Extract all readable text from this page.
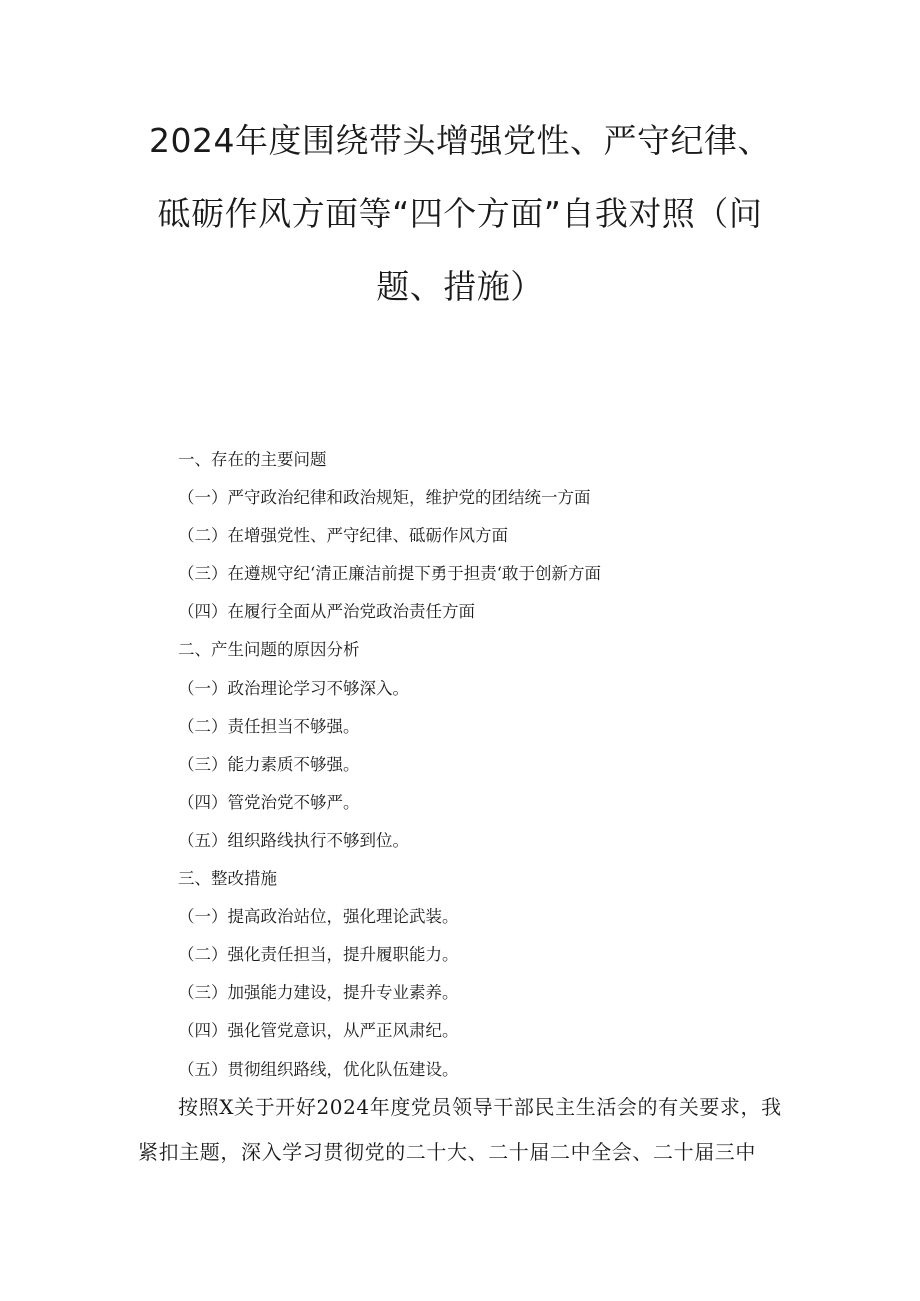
2024年度围绕带头增强党性、严守纪律、
砥砺作风方面等“四个方面”自我对照（问
题、措施）
一、存在的主要问题
（一）严守政治纪律和政治规矩，维护党的团结统一方面
（二）在增强党性、严守纪律、砥砺作风方面
（三）在遵规守纪‘清正廉洁前提下勇于担责‘敢于创新方面
（四）在履行全面从严治党政治责任方面
二、产生问题的原因分析
（一）政治理论学习不够深入。
（二）责任担当不够强。
（三）能力素质不够强。
（四）管党治党不够严。
（五）组织路线执行不够到位。
三、整改措施
（一）提高政治站位，强化理论武装。
（二）强化责任担当，提升履职能力。
（三）加强能力建设，提升专业素养。
（四）强化管党意识，从严正风肃纪。
（五）贯彻组织路线，优化队伍建设。
按照X关于开好2024年度党员领导干部民主生活会的有关要求，我
紧扣主题，深入学习贯彻党的二十大、二十届二中全会、二十届三中
